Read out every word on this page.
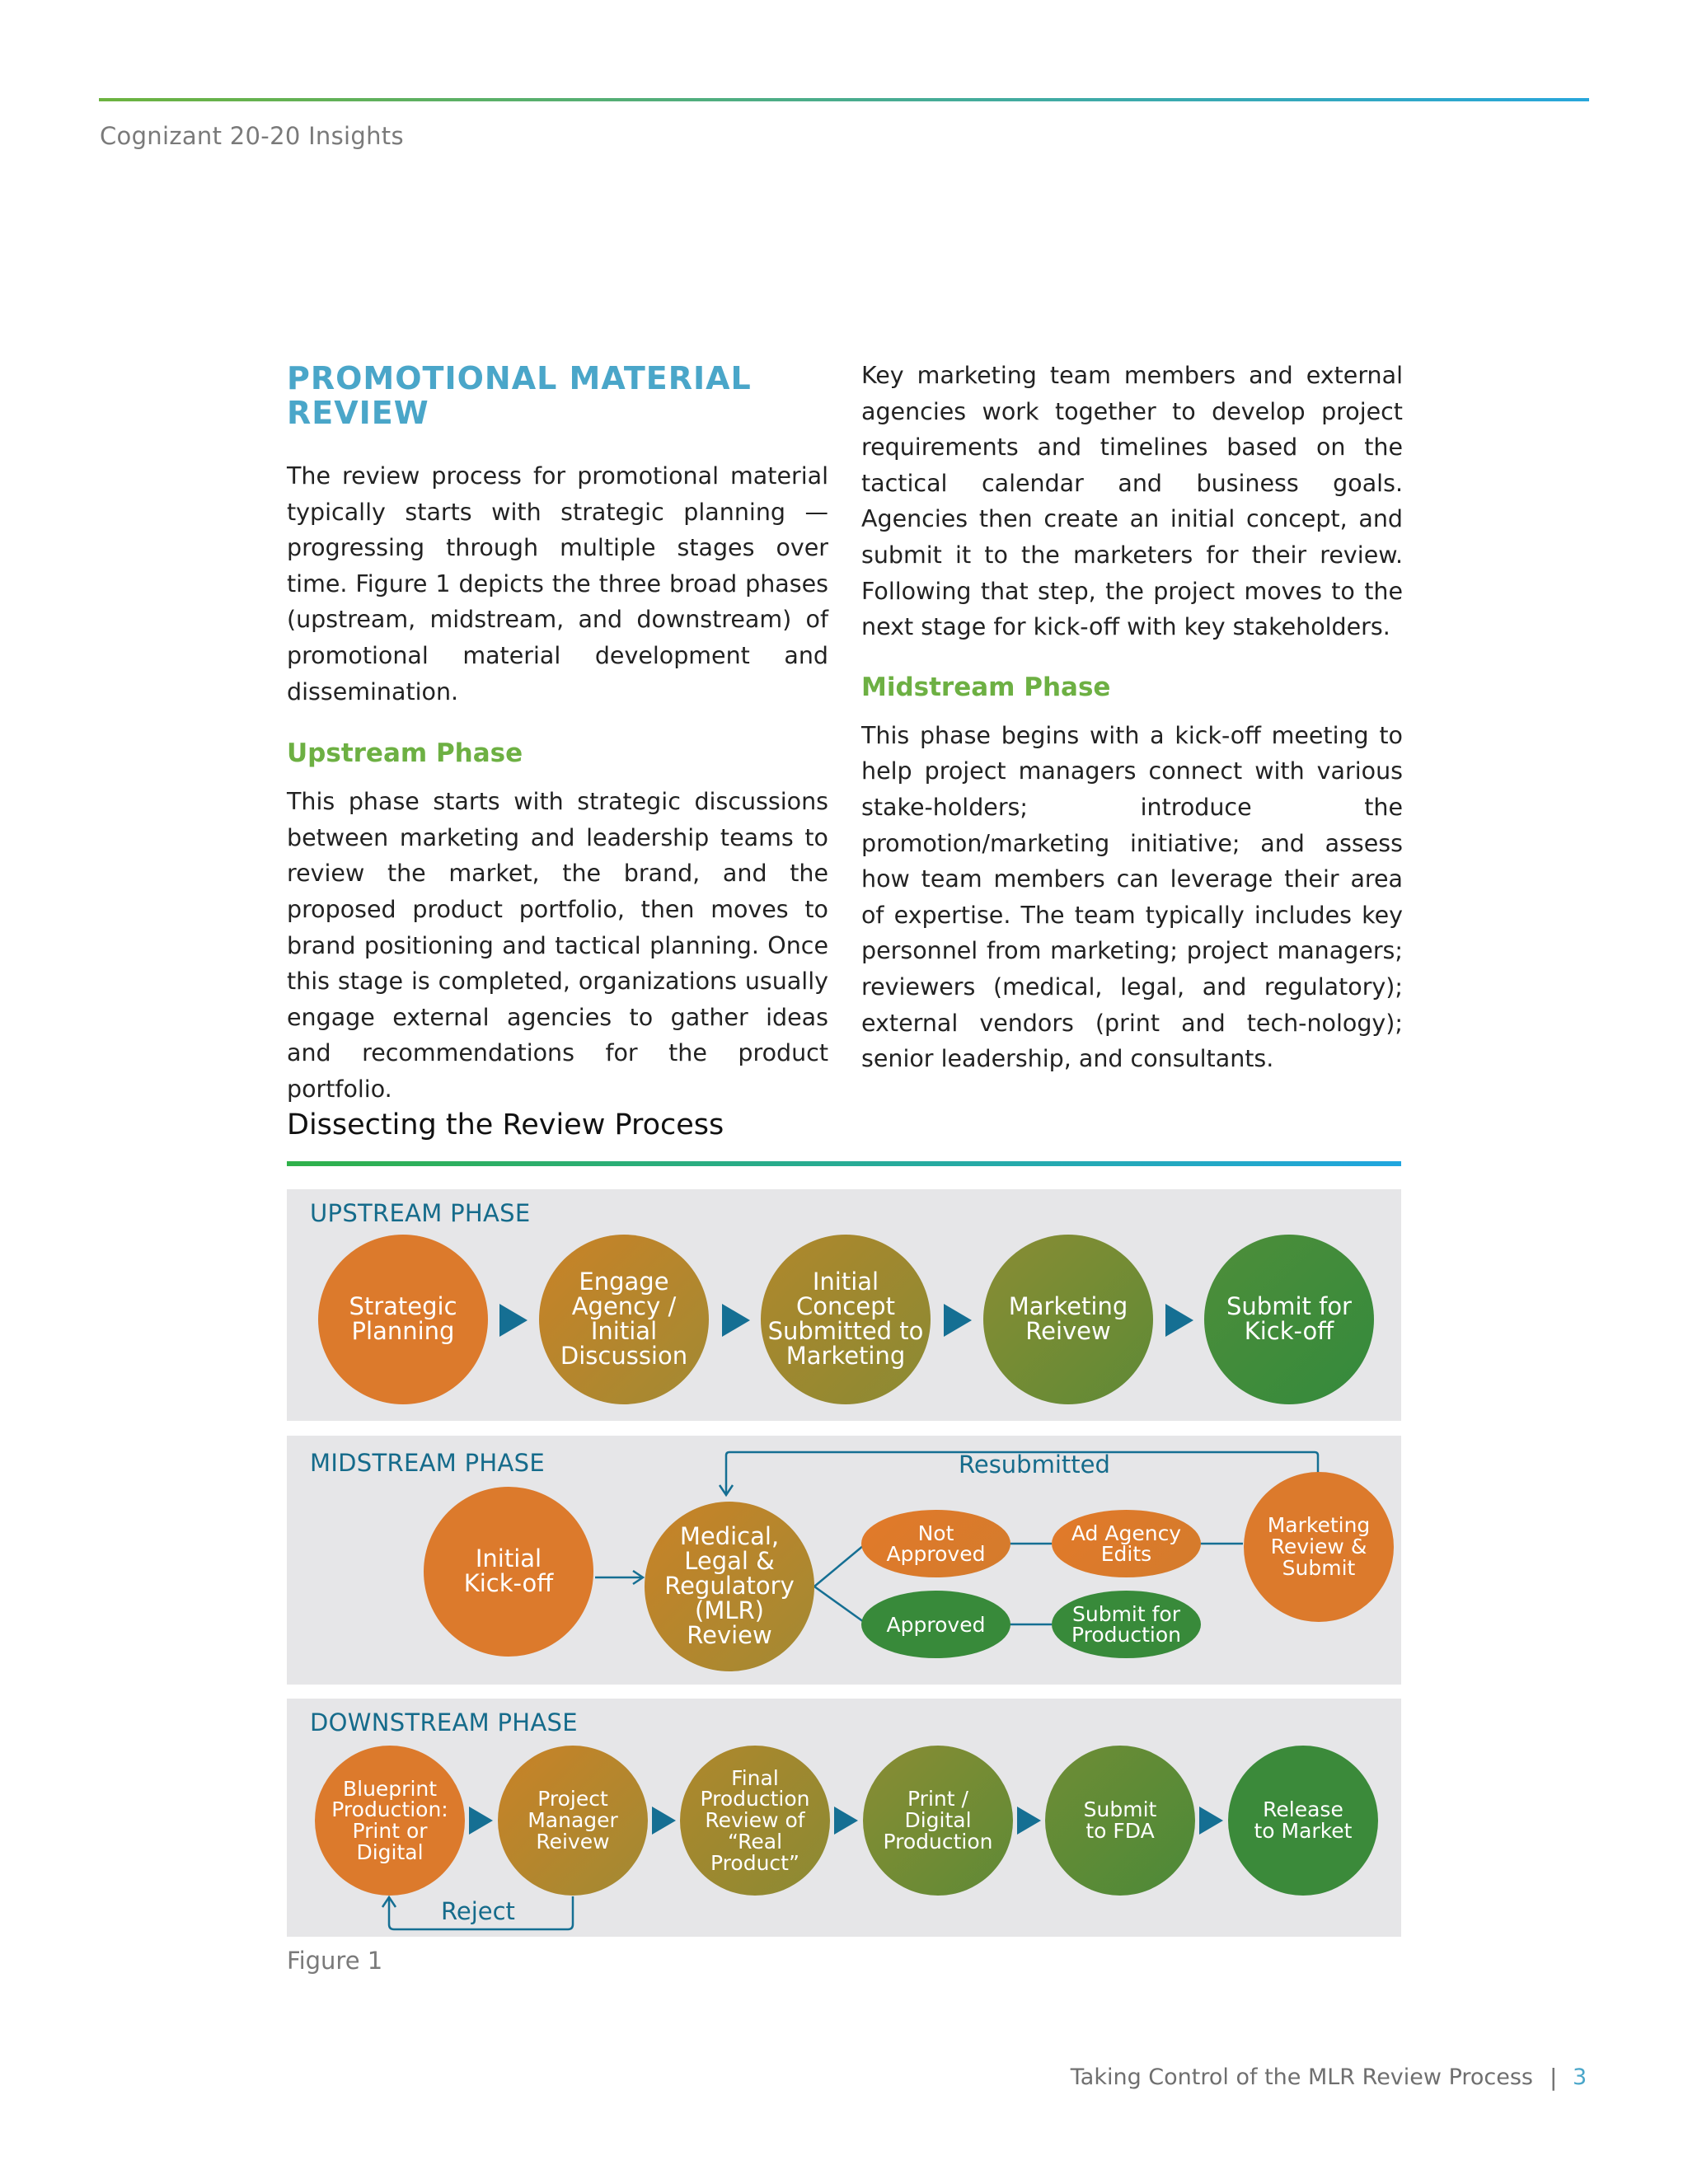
Cognizant 20-20 Insights
PROMOTIONAL MATERIAL REVIEW
The review process for promotional material typically starts with strategic planning — progressing through multiple stages over time. Figure 1 depicts the three broad phases (upstream, midstream, and downstream) of promotional material development and dissemination.
Upstream Phase
This phase starts with strategic discussions between marketing and leadership teams to review the market, the brand, and the proposed product portfolio, then moves to brand positioning and tactical planning. Once this stage is completed, organizations usually engage external agencies to gather ideas and recommendations for the product portfolio.
Key marketing team members and external agencies work together to develop project requirements and timelines based on the tactical calendar and business goals. Agencies then create an initial concept, and submit it to the marketers for their review. Following that step, the project moves to the next stage for kick-off with key stakeholders.
Midstream Phase
This phase begins with a kick-off meeting to help project managers connect with various stake-holders; introduce the promotion/marketing initiative; and assess how team members can leverage their area of expertise. The team typically includes key personnel from marketing; project managers; reviewers (medical, legal, and regulatory); external vendors (print and tech-nology); senior leadership, and consultants.
Dissecting the Review Process
UPSTREAM PHASE
Strategic
Planning
Engage
Agency /
Initial
Discussion
Initial
Concept
Submitted to
Marketing
Marketing
Reivew
Submit for
Kick-off
MIDSTREAM PHASE	Resubmitted
Initial
Kick-off
Medical,
Legal &
Regulatory
(MLR)
Review
Not
Approved
Approved
Ad Agency
Edits
Submit for
Production
Marketing
Review &
Submit
DOWNSTREAM PHASE
Reject
Blueprint
Production:
Print or
Digital
Project
Manager
Reivew
Final
Production
Review of
“Real
Product”
Print /
Digital
Production
Submit
to FDA
Release
to Market
Figure 1
Taking Control of the MLR Review Process | 3
